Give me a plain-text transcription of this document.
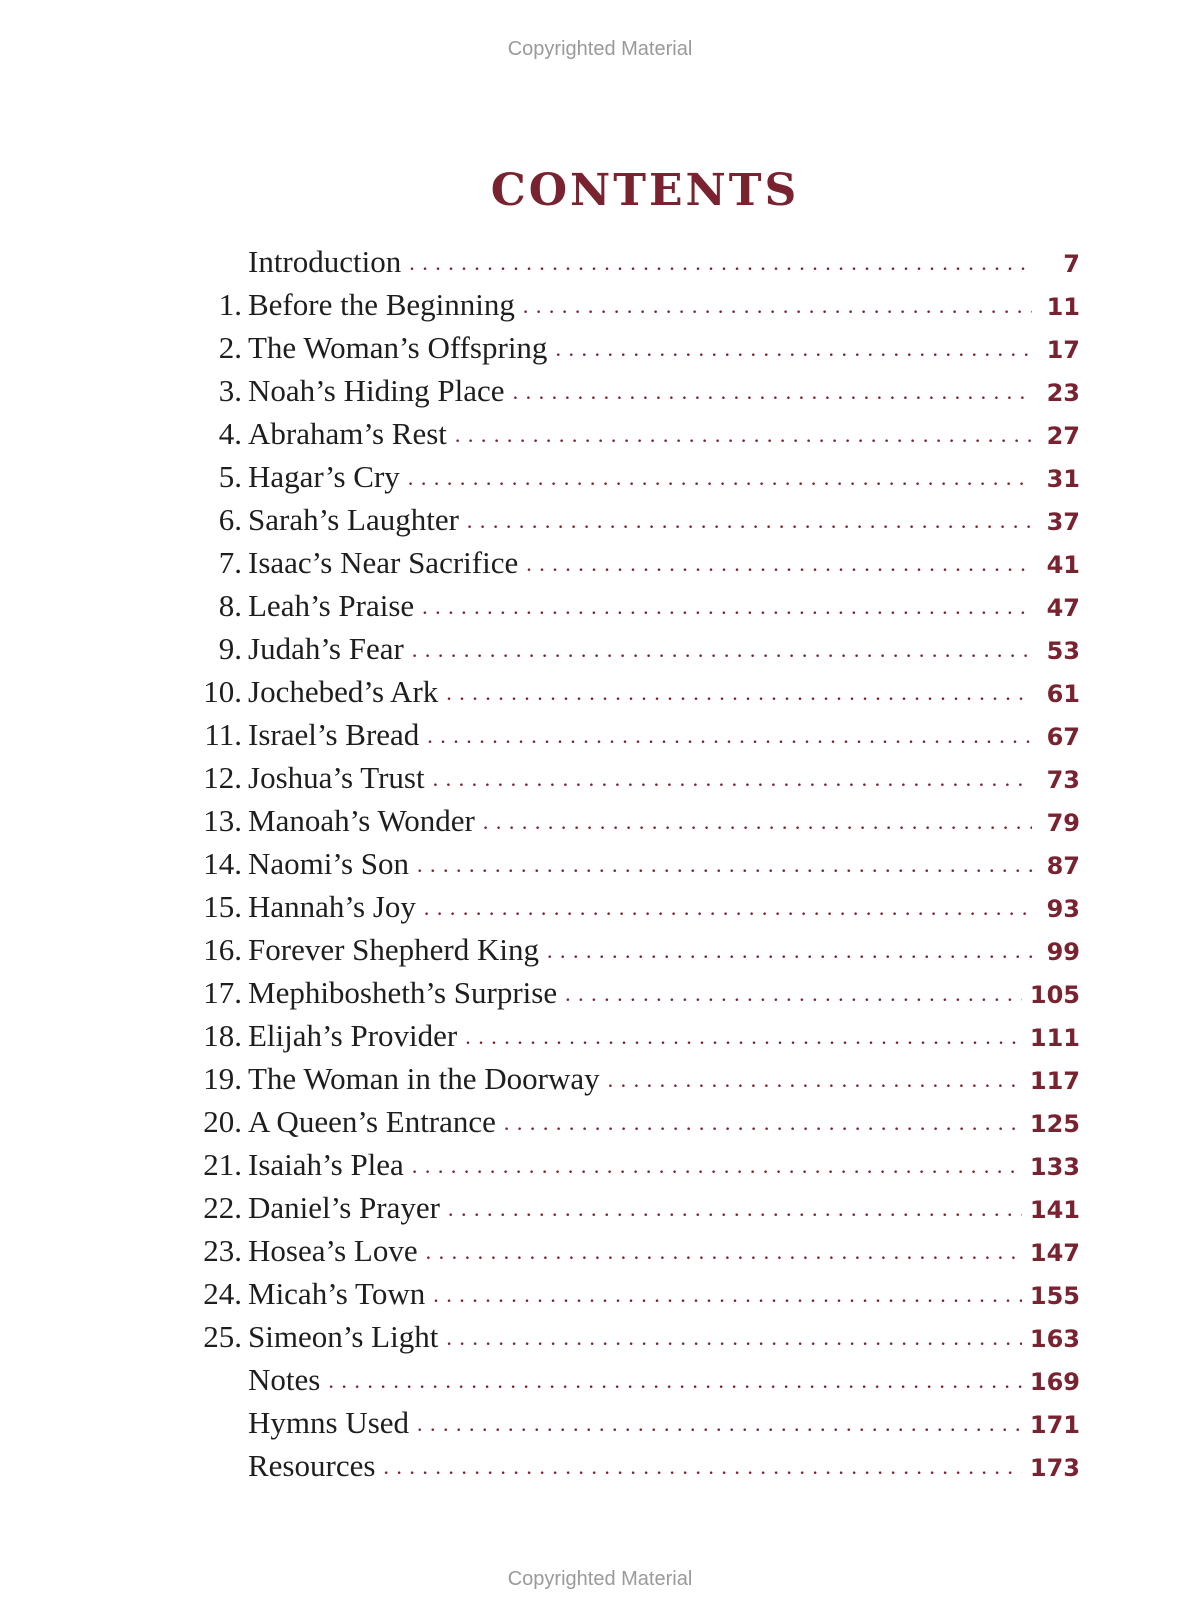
Copyrighted Material
CONTENTS
Introduction . . .	7
1. Before the Beginning . . .	11
2. The Woman’s Offspring . . .	17
3. Noah’s Hiding Place . . .	23
4. Abraham’s Rest . . .	27
5. Hagar’s Cry . . .	31
6. Sarah’s Laughter . . .	37
7. Isaac’s Near Sacrifice . . .	41
8. Leah’s Praise . . .	47
9. Judah’s Fear . . .	53
10. Jochebed’s Ark . . .	61
11. Israel’s Bread . . .	67
12. Joshua’s Trust . . .	73
13. Manoah’s Wonder . . .	79
14. Naomi’s Son . . .	87
15. Hannah’s Joy . . .	93
16. Forever Shepherd King . . .	99
17. Mephibosheth’s Surprise . . .	105
18. Elijah’s Provider . . .	111
19. The Woman in the Doorway . . .	117
20. A Queen’s Entrance . . .	125
21. Isaiah’s Plea . . .	133
22. Daniel’s Prayer . . .	141
23. Hosea’s Love . . .	147
24. Micah’s Town . . .	155
25. Simeon’s Light . . .	163
Notes . . .	169
Hymns Used . . .	171
Resources . . .	173
Copyrighted Material
